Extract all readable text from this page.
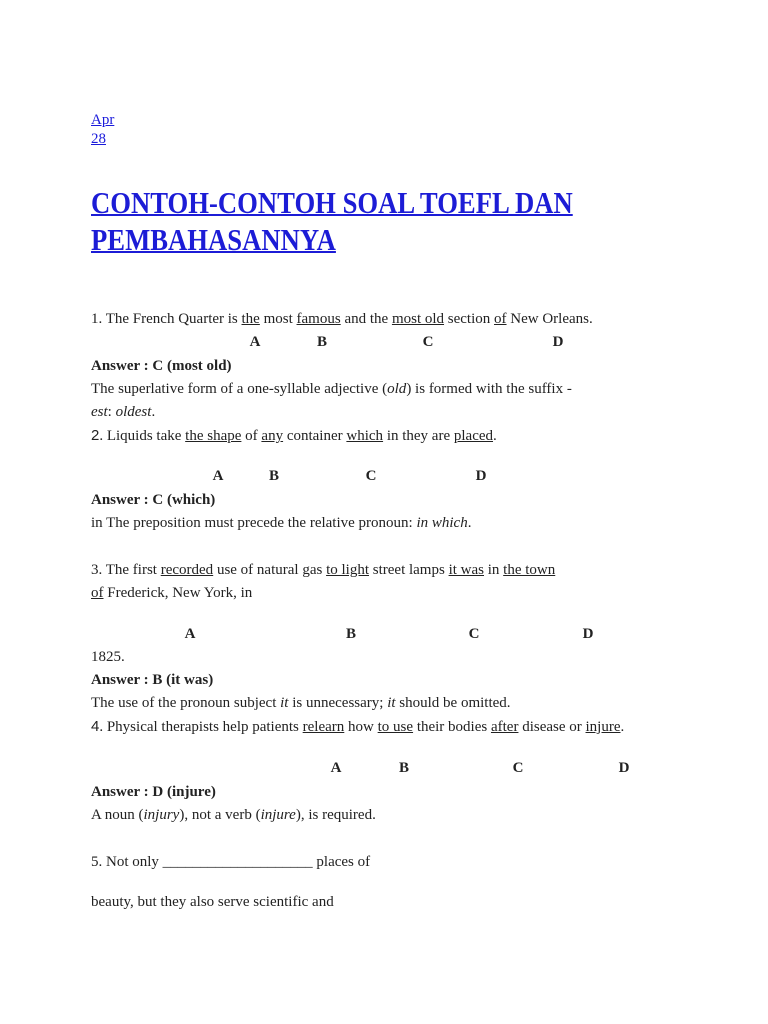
Apr
28
CONTOH-CONTOH SOAL TOEFL DAN
PEMBAHASANNYA
1. The French Quarter is the most famous and the most old section of New Orleans.
A	B	C	D
Answer : C (most old)
The superlative form of a one-syllable adjective (old) is formed with the suffix -
est: oldest.
2. Liquids take the shape of any container which in they are placed.
A	B	C	D
Answer : C (which)
in The preposition must precede the relative pronoun: in which.
3. The first recorded use of natural gas to light street lamps it was in the town
of Frederick, New York, in
A	B	C	D
1825.
Answer : B (it was)
The use of the pronoun subject it is unnecessary; it should be omitted.
4. Physical therapists help patients relearn how to use their bodies after disease or injure.
A	B	C	D
Answer : D (injure)
A noun (injury), not a verb (injure), is required.
5. Not only ____________________ places of
beauty, but they also serve scientific and
